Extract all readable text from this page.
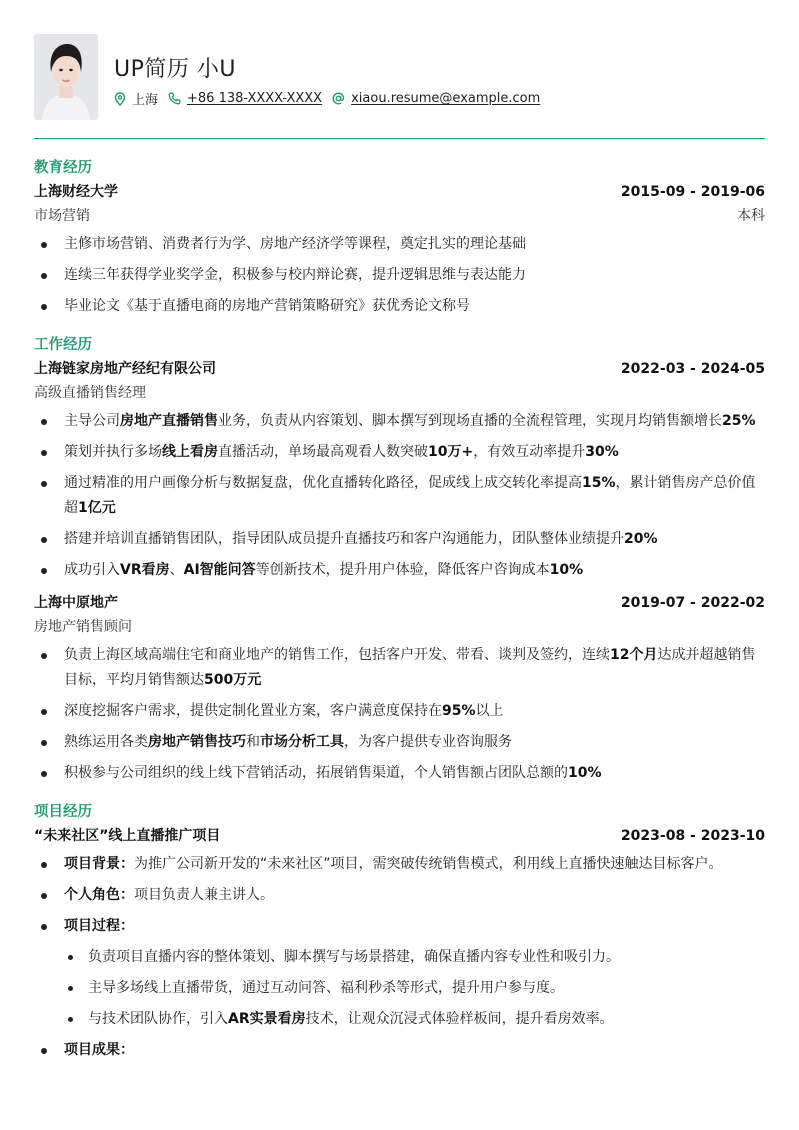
UP简历 小U
上海 +86 138-XXXX-XXXX xiaou.resume@example.com
教育经历
上海财经大学	2015-09 - 2019-06
市场营销	本科
主修市场营销、消费者行为学、房地产经济学等课程，奠定扎实的理论基础
连续三年获得学业奖学金，积极参与校内辩论赛，提升逻辑思维与表达能力
毕业论文《基于直播电商的房地产营销策略研究》获优秀论文称号
工作经历
上海链家房地产经纪有限公司	2022-03 - 2024-05
高级直播销售经理
主导公司房地产直播销售业务，负责从内容策划、脚本撰写到现场直播的全流程管理，实现月均销售额增长25%
策划并执行多场线上看房直播活动，单场最高观看人数突破10万+，有效互动率提升30%
通过精准的用户画像分析与数据复盘，优化直播转化路径，促成线上成交转化率提高15%，累计销售房产总价值超1亿元
搭建并培训直播销售团队，指导团队成员提升直播技巧和客户沟通能力，团队整体业绩提升20%
成功引入VR看房、AI智能问答等创新技术，提升用户体验，降低客户咨询成本10%
上海中原地产	2019-07 - 2022-02
房地产销售顾问
负责上海区域高端住宅和商业地产的销售工作，包括客户开发、带看、谈判及签约，连续12个月达成并超越销售目标，平均月销售额达500万元
深度挖掘客户需求，提供定制化置业方案，客户满意度保持在95%以上
熟练运用各类房地产销售技巧和市场分析工具，为客户提供专业咨询服务
积极参与公司组织的线上线下营销活动，拓展销售渠道，个人销售额占团队总额的10%
项目经历
“未来社区”线上直播推广项目	2023-08 - 2023-10
项目背景：为推广公司新开发的“未来社区”项目，需突破传统销售模式，利用线上直播快速触达目标客户。
个人角色：项目负责人兼主讲人。
项目过程：
负责项目直播内容的整体策划、脚本撰写与场景搭建，确保直播内容专业性和吸引力。
主导多场线上直播带货，通过互动问答、福利秒杀等形式，提升用户参与度。
与技术团队协作，引入AR实景看房技术，让观众沉浸式体验样板间，提升看房效率。
项目成果：
